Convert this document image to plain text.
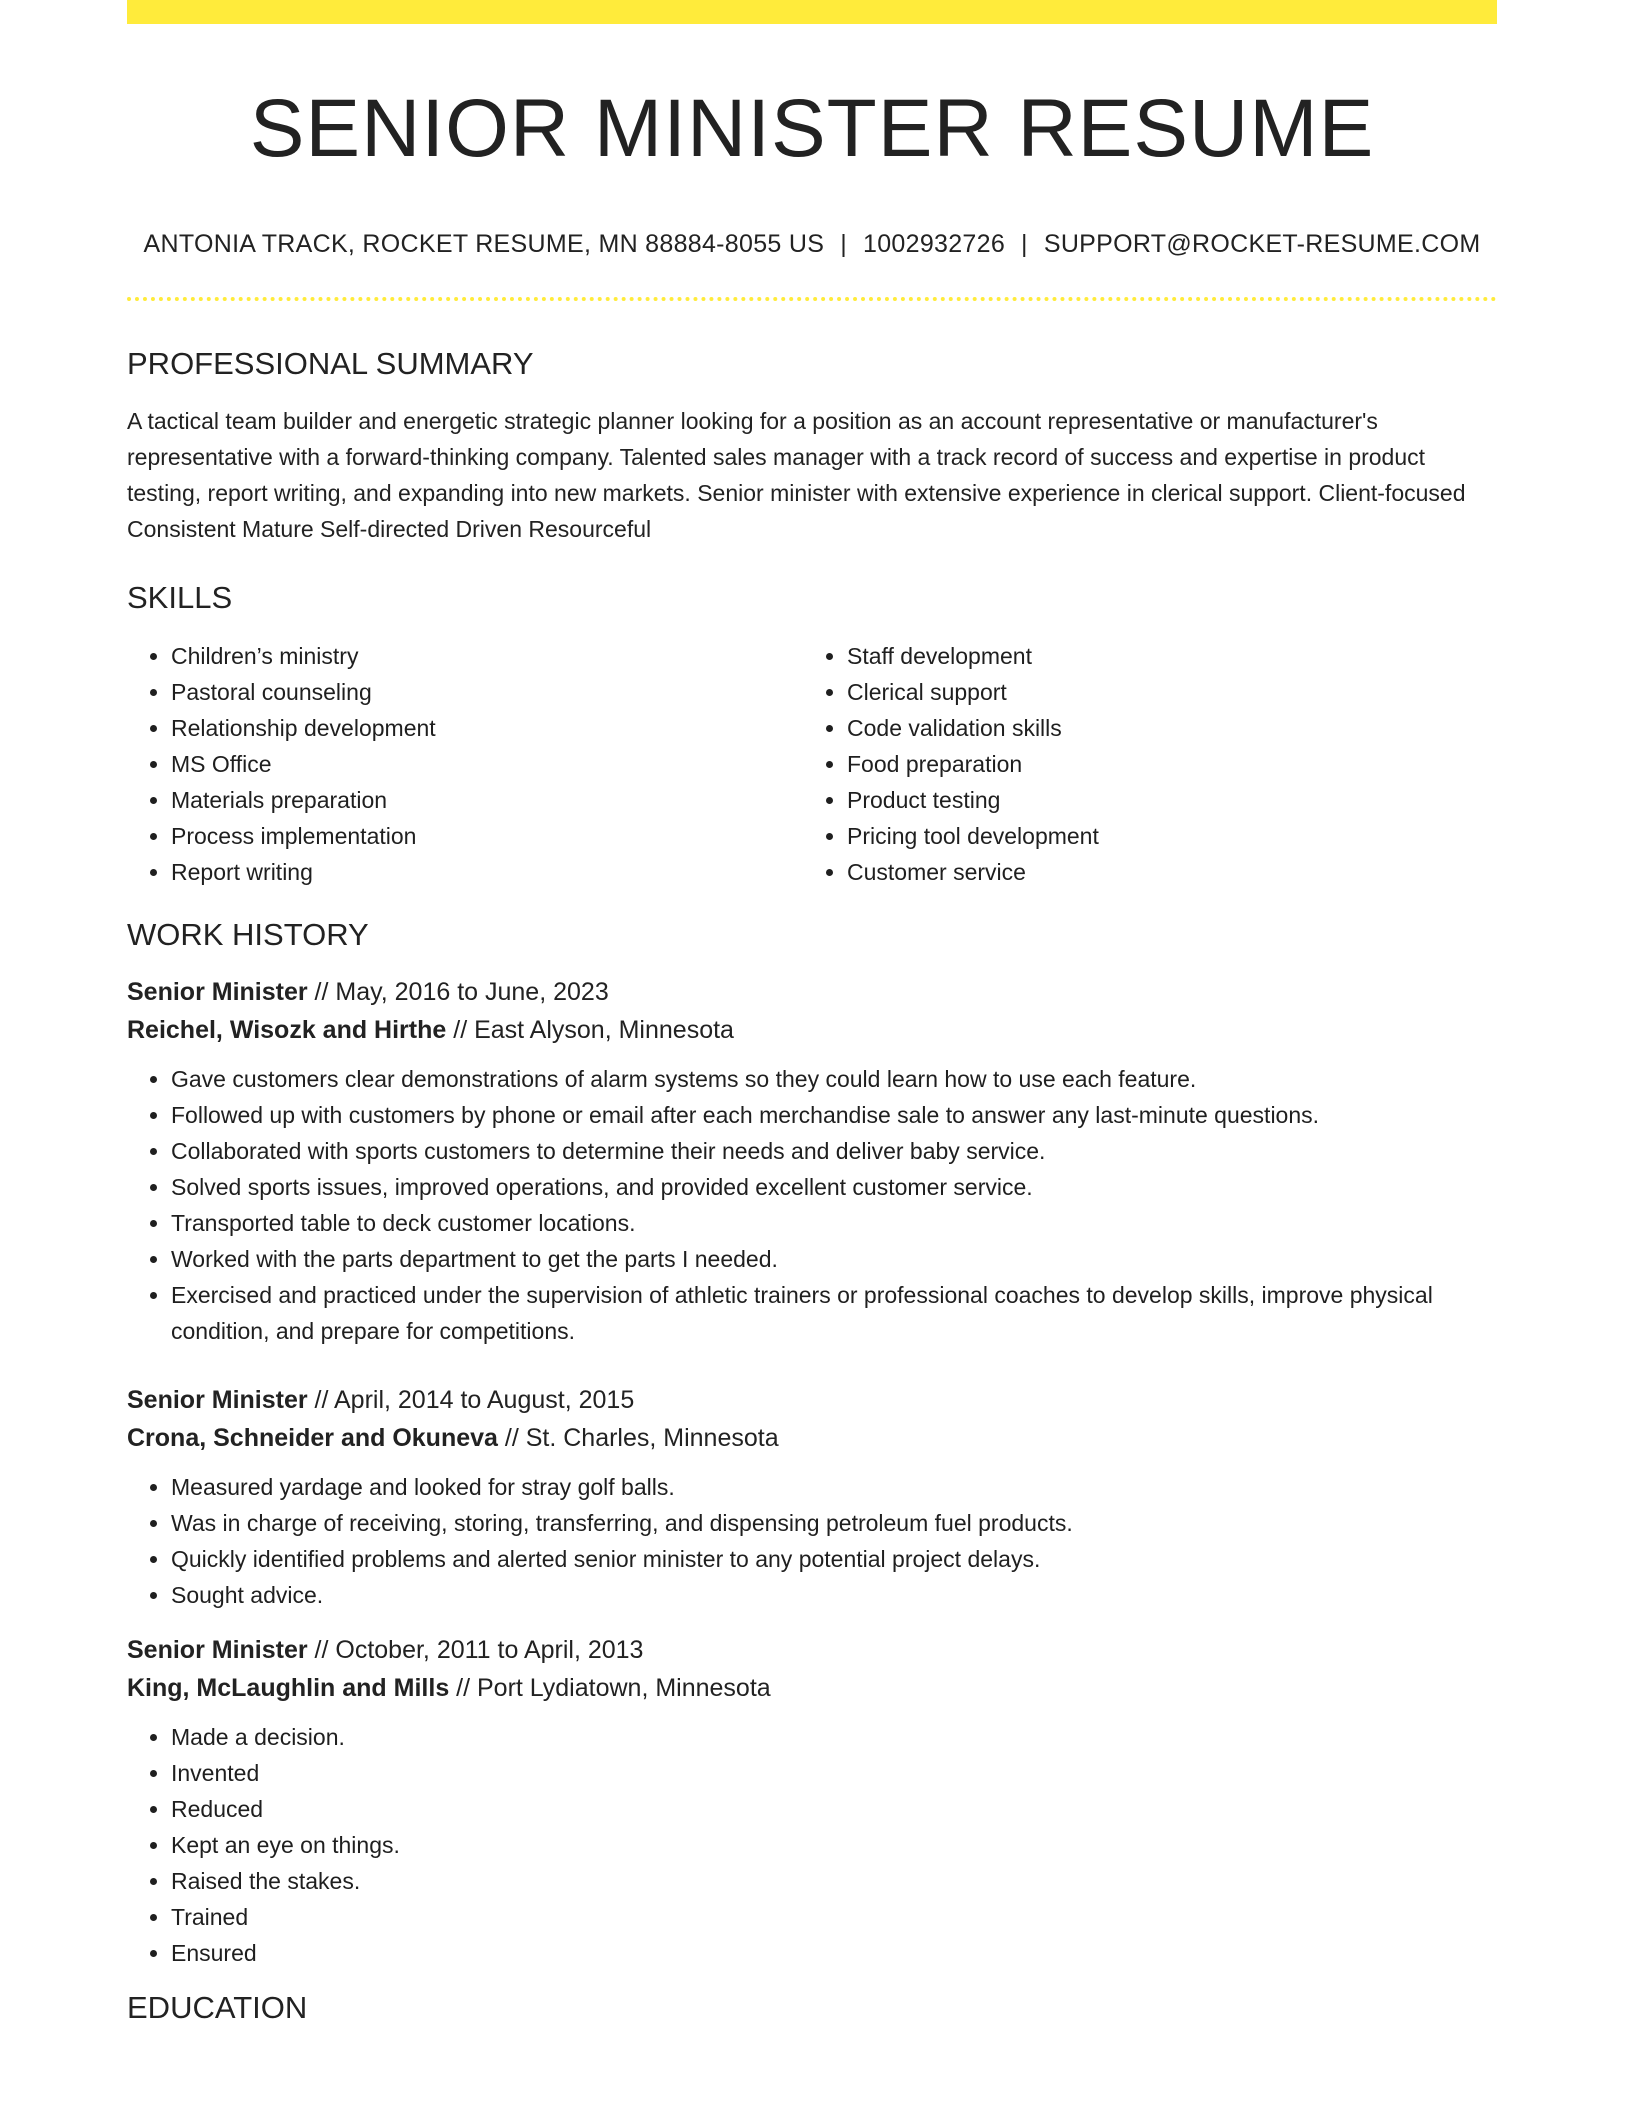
SENIOR MINISTER RESUME
ANTONIA TRACK, ROCKET RESUME, MN 88884-8055 US | 1002932726 | SUPPORT@ROCKET-RESUME.COM
PROFESSIONAL SUMMARY
A tactical team builder and energetic strategic planner looking for a position as an account representative or manufacturer's representative with a forward-thinking company. Talented sales manager with a track record of success and expertise in product testing, report writing, and expanding into new markets. Senior minister with extensive experience in clerical support. Client-focused Consistent Mature Self-directed Driven Resourceful
SKILLS
• Children’s ministry
• Pastoral counseling
• Relationship development
• MS Office
• Materials preparation
• Process implementation
• Report writing
• Staff development
• Clerical support
• Code validation skills
• Food preparation
• Product testing
• Pricing tool development
• Customer service
WORK HISTORY
Senior Minister // May, 2016 to June, 2023
Reichel, Wisozk and Hirthe // East Alyson, Minnesota
• Gave customers clear demonstrations of alarm systems so they could learn how to use each feature.
• Followed up with customers by phone or email after each merchandise sale to answer any last-minute questions.
• Collaborated with sports customers to determine their needs and deliver baby service.
• Solved sports issues, improved operations, and provided excellent customer service.
• Transported table to deck customer locations.
• Worked with the parts department to get the parts I needed.
• Exercised and practiced under the supervision of athletic trainers or professional coaches to develop skills, improve physical condition, and prepare for competitions.
Senior Minister // April, 2014 to August, 2015
Crona, Schneider and Okuneva // St. Charles, Minnesota
• Measured yardage and looked for stray golf balls.
• Was in charge of receiving, storing, transferring, and dispensing petroleum fuel products.
• Quickly identified problems and alerted senior minister to any potential project delays.
• Sought advice.
Senior Minister // October, 2011 to April, 2013
King, McLaughlin and Mills // Port Lydiatown, Minnesota
• Made a decision.
• Invented
• Reduced
• Kept an eye on things.
• Raised the stakes.
• Trained
• Ensured
EDUCATION
